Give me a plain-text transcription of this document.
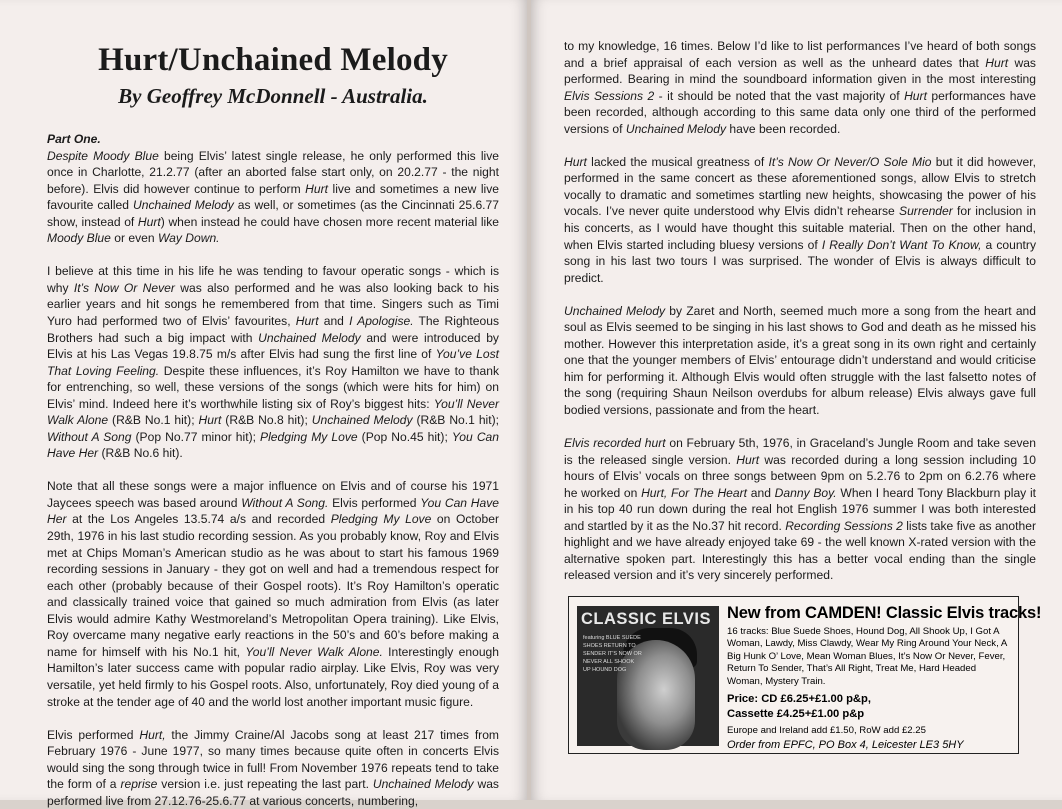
Hurt/Unchained Melody
By Geoffrey McDonnell - Australia.

Part One.
Despite Moody Blue being Elvis’ latest single release, he only performed this live once in Charlotte, 21.2.77 (after an aborted false start only, on 20.2.77 - the night before). Elvis did however continue to perform Hurt live and sometimes a new live favourite called Unchained Melody as well, or sometimes (as the Cincinnati 25.6.77 show, instead of Hurt) when instead he could have chosen more recent material like Moody Blue or even Way Down.

I believe at this time in his life he was tending to favour operatic songs - which is why It’s Now Or Never was also performed and he was also looking back to his earlier years and hit songs he remembered from that time. Singers such as Timi Yuro had performed two of Elvis’ favourites, Hurt and I Apologise. The Righteous Brothers had such a big impact with Unchained Melody and were introduced by Elvis at his Las Vegas 19.8.75 m/s after Elvis had sung the first line of You’ve Lost That Loving Feeling. Despite these influences, it’s Roy Hamilton we have to thank for entrenching, so well, these versions of the songs (which were hits for him) on Elvis’ mind. Indeed here it’s worthwhile listing six of Roy’s biggest hits: You’ll Never Walk Alone (R&B No.1 hit); Hurt (R&B No.8 hit); Unchained Melody (R&B No.1 hit); Without A Song (Pop No.77 minor hit); Pledging My Love (Pop No.45 hit); You Can Have Her (R&B No.6 hit).

Note that all these songs were a major influence on Elvis and of course his 1971 Jaycees speech was based around Without A Song. Elvis performed You Can Have Her at the Los Angeles 13.5.74 a/s and recorded Pledging My Love on October 29th, 1976 in his last studio recording session. As you probably know, Roy and Elvis met at Chips Moman’s American studio as he was about to start his famous 1969 recording sessions in January - they got on well and had a tremendous respect for each other (probably because of their Gospel roots). It’s Roy Hamilton’s operatic and classically trained voice that gained so much admiration from Elvis (as later Elvis would admire Kathy Westmoreland’s Metropolitan Opera training). Like Elvis, Roy overcame many negative early reactions in the 50’s and 60’s before making a name for himself with his No.1 hit, You’ll Never Walk Alone. Interestingly enough Hamilton’s later success came with popular radio airplay. Like Elvis, Roy was very versatile, yet held firmly to his Gospel roots. Also, unfortunately, Roy died young of a stroke at the tender age of 40 and the world lost another important music figure.

Elvis performed Hurt, the Jimmy Craine/Al Jacobs song at least 217 times from February 1976 - June 1977, so many times because quite often in concerts Elvis would sing the song through twice in full! From November 1976 repeats tend to take the form of a reprise version i.e. just repeating the last part. Unchained Melody was performed live from 27.12.76-25.6.77 at various concerts, numbering,

to my knowledge, 16 times. Below I’d like to list performances I’ve heard of both songs and a brief appraisal of each version as well as the unheard dates that Hurt was performed. Bearing in mind the soundboard information given in the most interesting Elvis Sessions 2 - it should be noted that the vast majority of Hurt performances have been recorded, although according to this same data only one third of the performed versions of Unchained Melody have been recorded.

Hurt lacked the musical greatness of It’s Now Or Never/O Sole Mio but it did however, performed in the same concert as these aforementioned songs, allow Elvis to stretch vocally to dramatic and sometimes startling new heights, showcasing the power of his vocals. I’ve never quite understood why Elvis didn’t rehearse Surrender for inclusion in his concerts, as I would have thought this suitable material. Then on the other hand, when Elvis started including bluesy versions of I Really Don’t Want To Know, a country song in his last two tours I was surprised. The wonder of Elvis is always difficult to predict.

Unchained Melody by Zaret and North, seemed much more a song from the heart and soul as Elvis seemed to be singing in his last shows to God and death as he missed his mother. However this interpretation aside, it’s a great song in its own right and certainly one that the younger members of Elvis’ entourage didn’t understand and would criticise him for performing it. Although Elvis would often struggle with the last falsetto notes of the song (requiring Shaun Neilson overdubs for album release) Elvis always gave full bodied versions, passionate and from the heart.

Elvis recorded hurt on February 5th, 1976, in Graceland’s Jungle Room and take seven is the released single version. Hurt was recorded during a long session including 10 hours of Elvis’ vocals on three songs between 9pm on 5.2.76 to 2pm on 6.2.76 where he worked on Hurt, For The Heart and Danny Boy. When I heard Tony Blackburn play it in his top 40 run down during the real hot English 1976 summer I was both interested and startled by it as the No.37 hit record. Recording Sessions 2 lists take five as another highlight and we have already enjoyed take 69 - the well known X-rated version with the alternative spoken part. Interestingly this has a better vocal ending than the single released version and it’s very sincerely performed.

CLASSIC ELVIS
featuring BLUE SUEDE SHOES RETURN TO SENDER IT'S NOW OR NEVER ALL SHOOK UP HOUND DOG
New from CAMDEN! Classic Elvis tracks!
16 tracks: Blue Suede Shoes, Hound Dog, All Shook Up, I Got A Woman, Lawdy, Miss Clawdy, Wear My Ring Around Your Neck, A Big Hunk O’ Love, Mean Woman Blues, It’s Now Or Never, Fever, Return To Sender, That’s All Right, Treat Me, Hard Headed Woman, Mystery Train.
Price: CD £6.25+£1.00 p&p,
Cassette £4.25+£1.00 p&p
Europe and Ireland add £1.50, RoW add £2.25
Order from EPFC, PO Box 4, Leicester LE3 5HY
